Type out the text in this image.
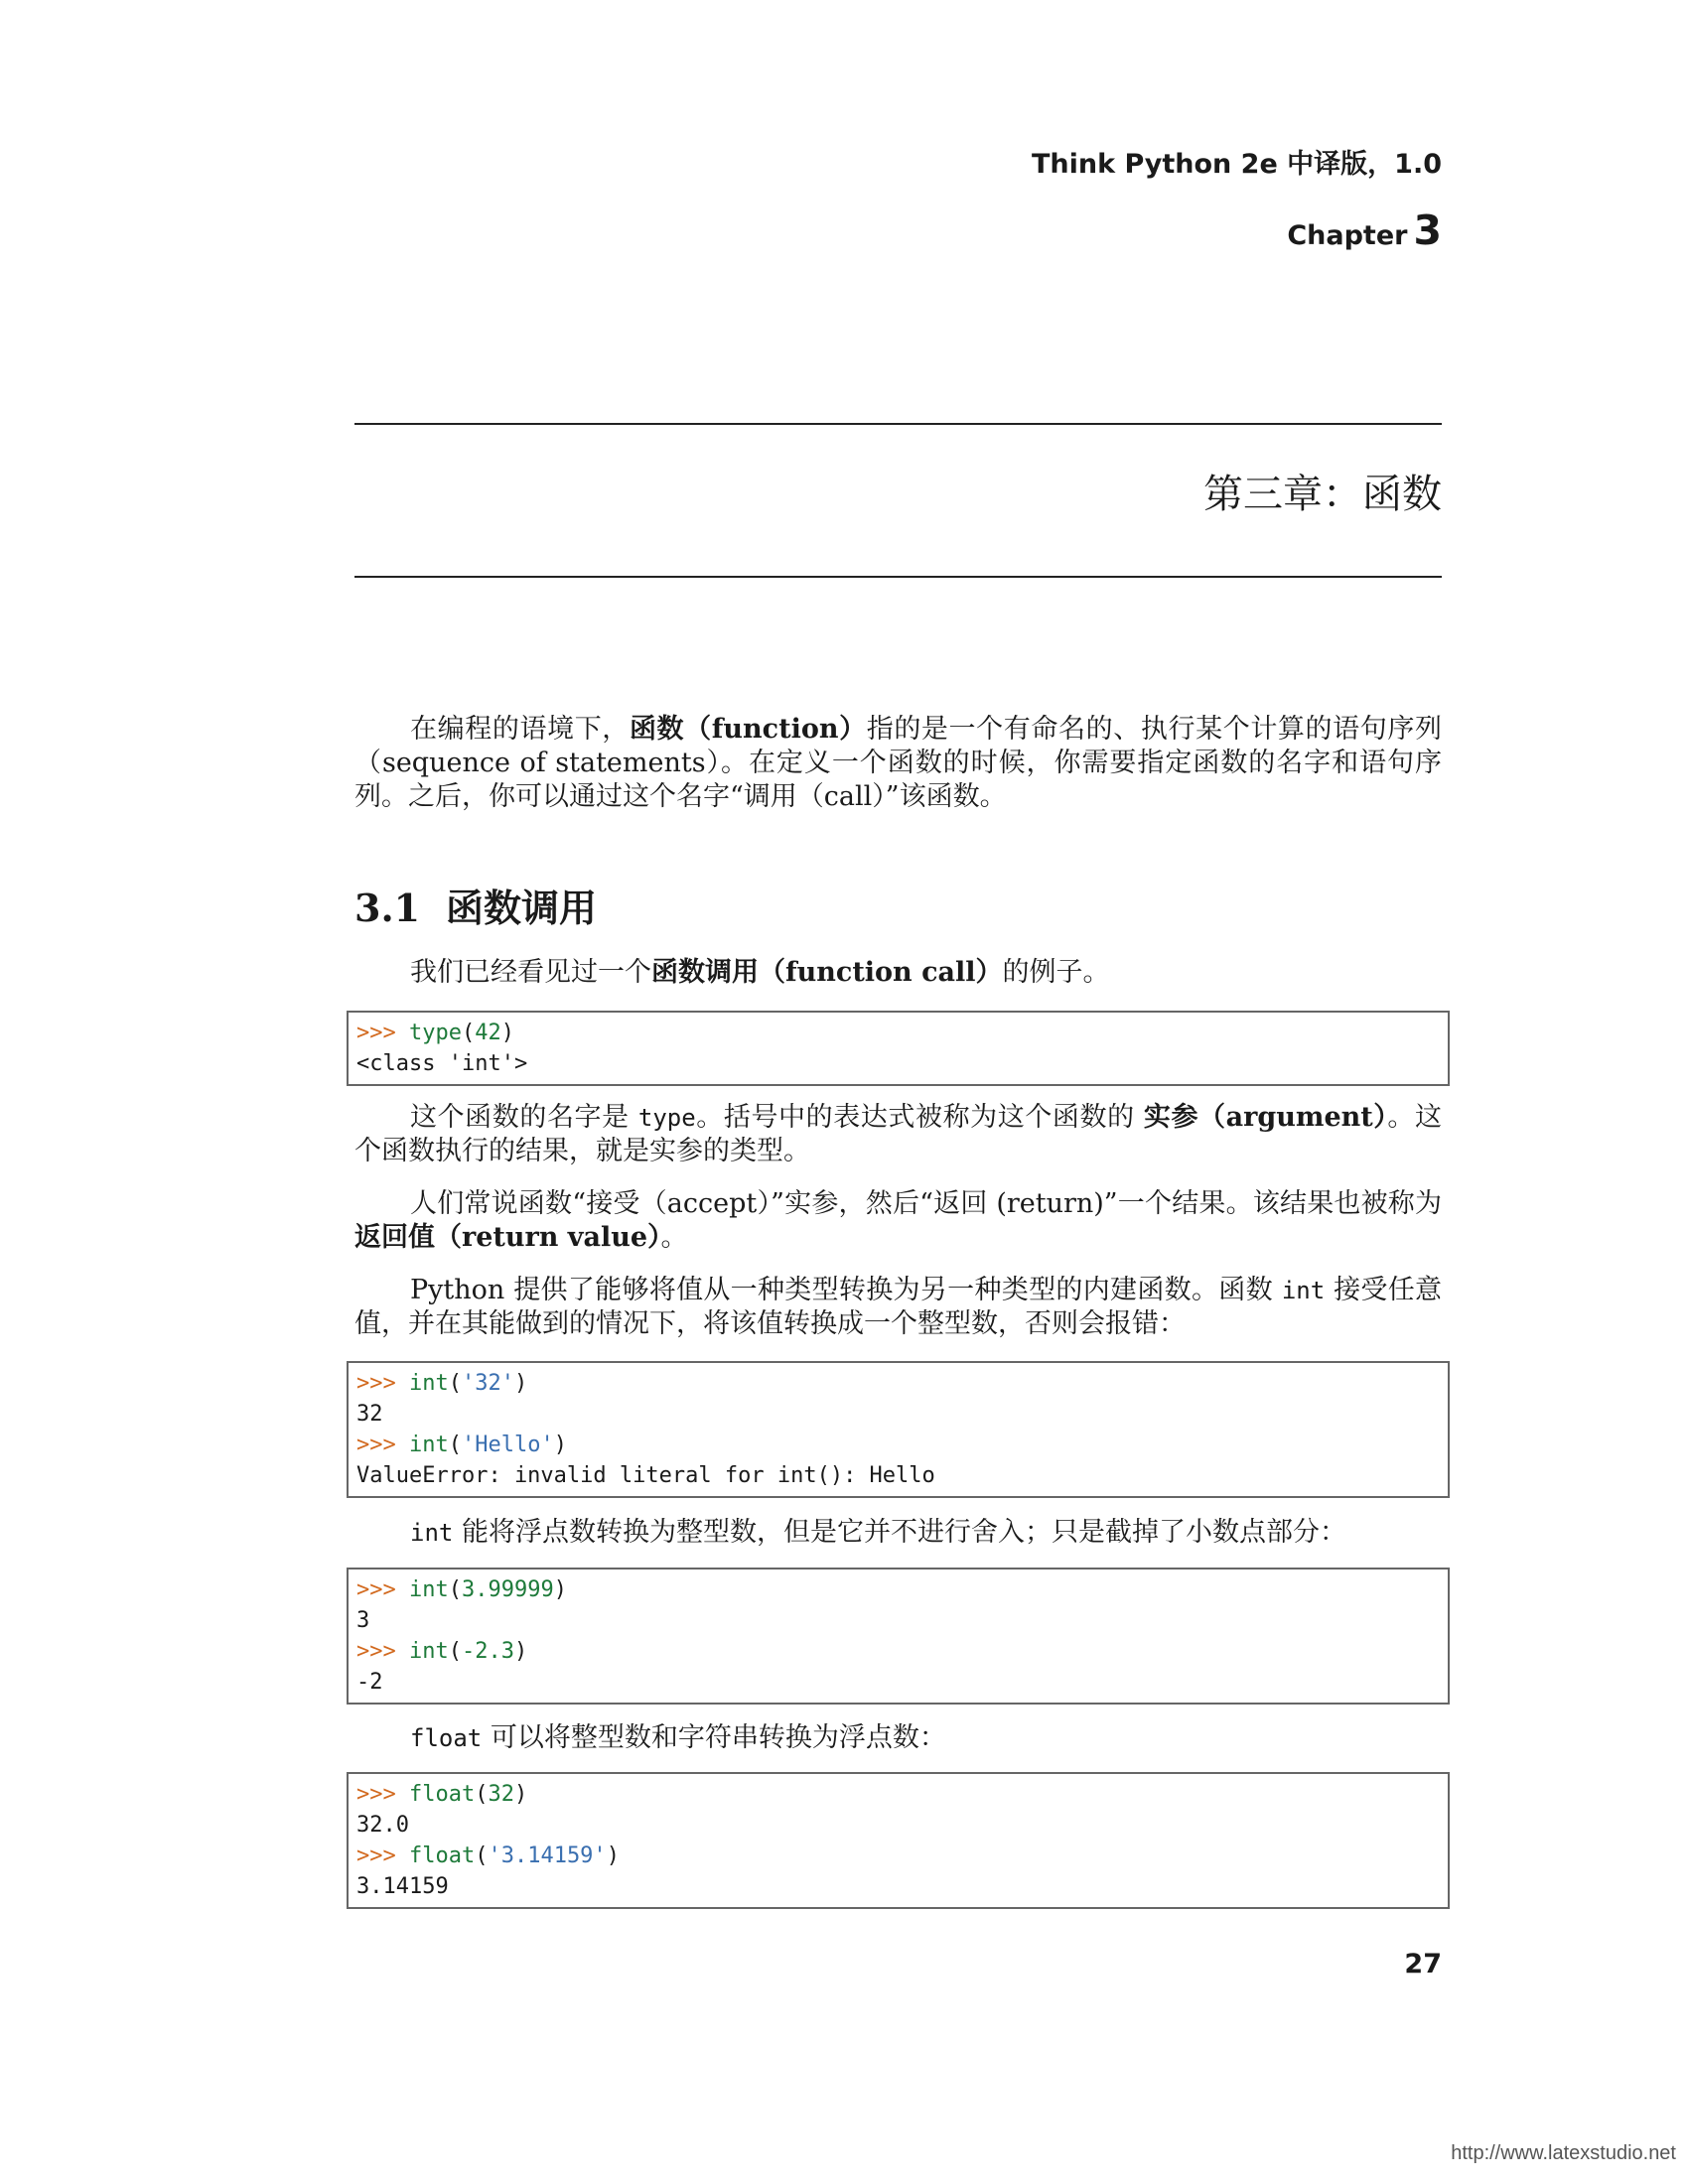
Think Python 2e 中译版，1.0
Chapter 3
第三章：函数
在编程的语境下，函数（function）指的是一个有命名的、执行某个计算的语句序列（sequence of statements）。在定义一个函数的时候，你需要指定函数的名字和语句序列。之后，你可以通过这个名字“调用（call）”该函数。
3.1 函数调用
我们已经看见过一个函数调用（function call）的例子。
>>> type(42)
<class 'int'>
这个函数的名字是 type。括号中的表达式被称为这个函数的 实参（argument）。这个函数执行的结果，就是实参的类型。
人们常说函数“接受（accept）”实参，然后“返回 (return)”一个结果。该结果也被称为返回值（return value）。
Python 提供了能够将值从一种类型转换为另一种类型的内建函数。函数 int 接受任意值，并在其能做到的情况下，将该值转换成一个整型数，否则会报错：
>>> int('32')
32
>>> int('Hello')
ValueError: invalid literal for int(): Hello
int 能将浮点数转换为整型数，但是它并不进行舍入；只是截掉了小数点部分：
>>> int(3.99999)
3
>>> int(-2.3)
-2
float 可以将整型数和字符串转换为浮点数：
>>> float(32)
32.0
>>> float('3.14159')
3.14159
27
http://www.latexstudio.net
